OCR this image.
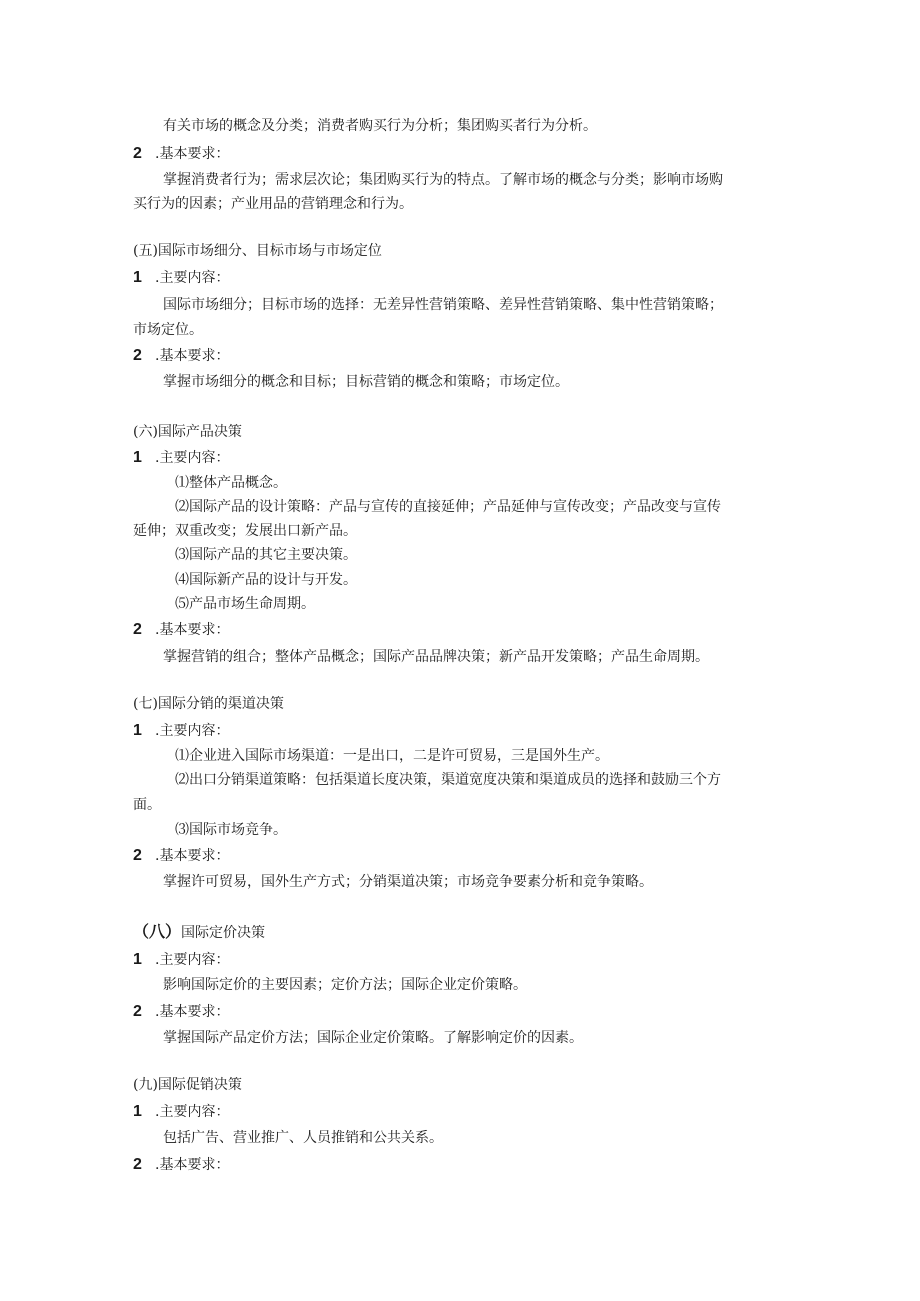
有关市场的概念及分类；消费者购买行为分析；集团购买者行为分析。
2 .基本要求：
掌握消费者行为；需求层次论；集团购买行为的特点。了解市场的概念与分类；影响市场购
买行为的因素；产业用品的营销理念和行为。
(五)国际市场细分、目标市场与市场定位
1 .主要内容：
国际市场细分；目标市场的选择：无差异性营销策略、差异性营销策略、集中性营销策略；
市场定位。
2 .基本要求：
掌握市场细分的概念和目标；目标营销的概念和策略；市场定位。
(六)国际产品决策
1 .主要内容：
⑴整体产品概念。
⑵国际产品的设计策略：产品与宣传的直接延伸；产品延伸与宣传改变；产品改变与宣传
延伸；双重改变；发展出口新产品。
⑶国际产品的其它主要决策。
⑷国际新产品的设计与开发。
⑸产品市场生命周期。
2 .基本要求：
掌握营销的组合；整体产品概念；国际产品品牌决策；新产品开发策略；产品生命周期。
(七)国际分销的渠道决策
1 .主要内容：
⑴企业进入国际市场渠道：一是出口，二是许可贸易，三是国外生产。
⑵出口分销渠道策略：包括渠道长度决策，渠道宽度决策和渠道成员的选择和鼓励三个方
面。
⑶国际市场竞争。
2 .基本要求：
掌握许可贸易，国外生产方式；分销渠道决策；市场竞争要素分析和竞争策略。
（八）国际定价决策
1 .主要内容：
影响国际定价的主要因素；定价方法；国际企业定价策略。
2 .基本要求：
掌握国际产品定价方法；国际企业定价策略。了解影响定价的因素。
(九)国际促销决策
1 .主要内容：
包括广告、营业推广、人员推销和公共关系。
2 .基本要求：
